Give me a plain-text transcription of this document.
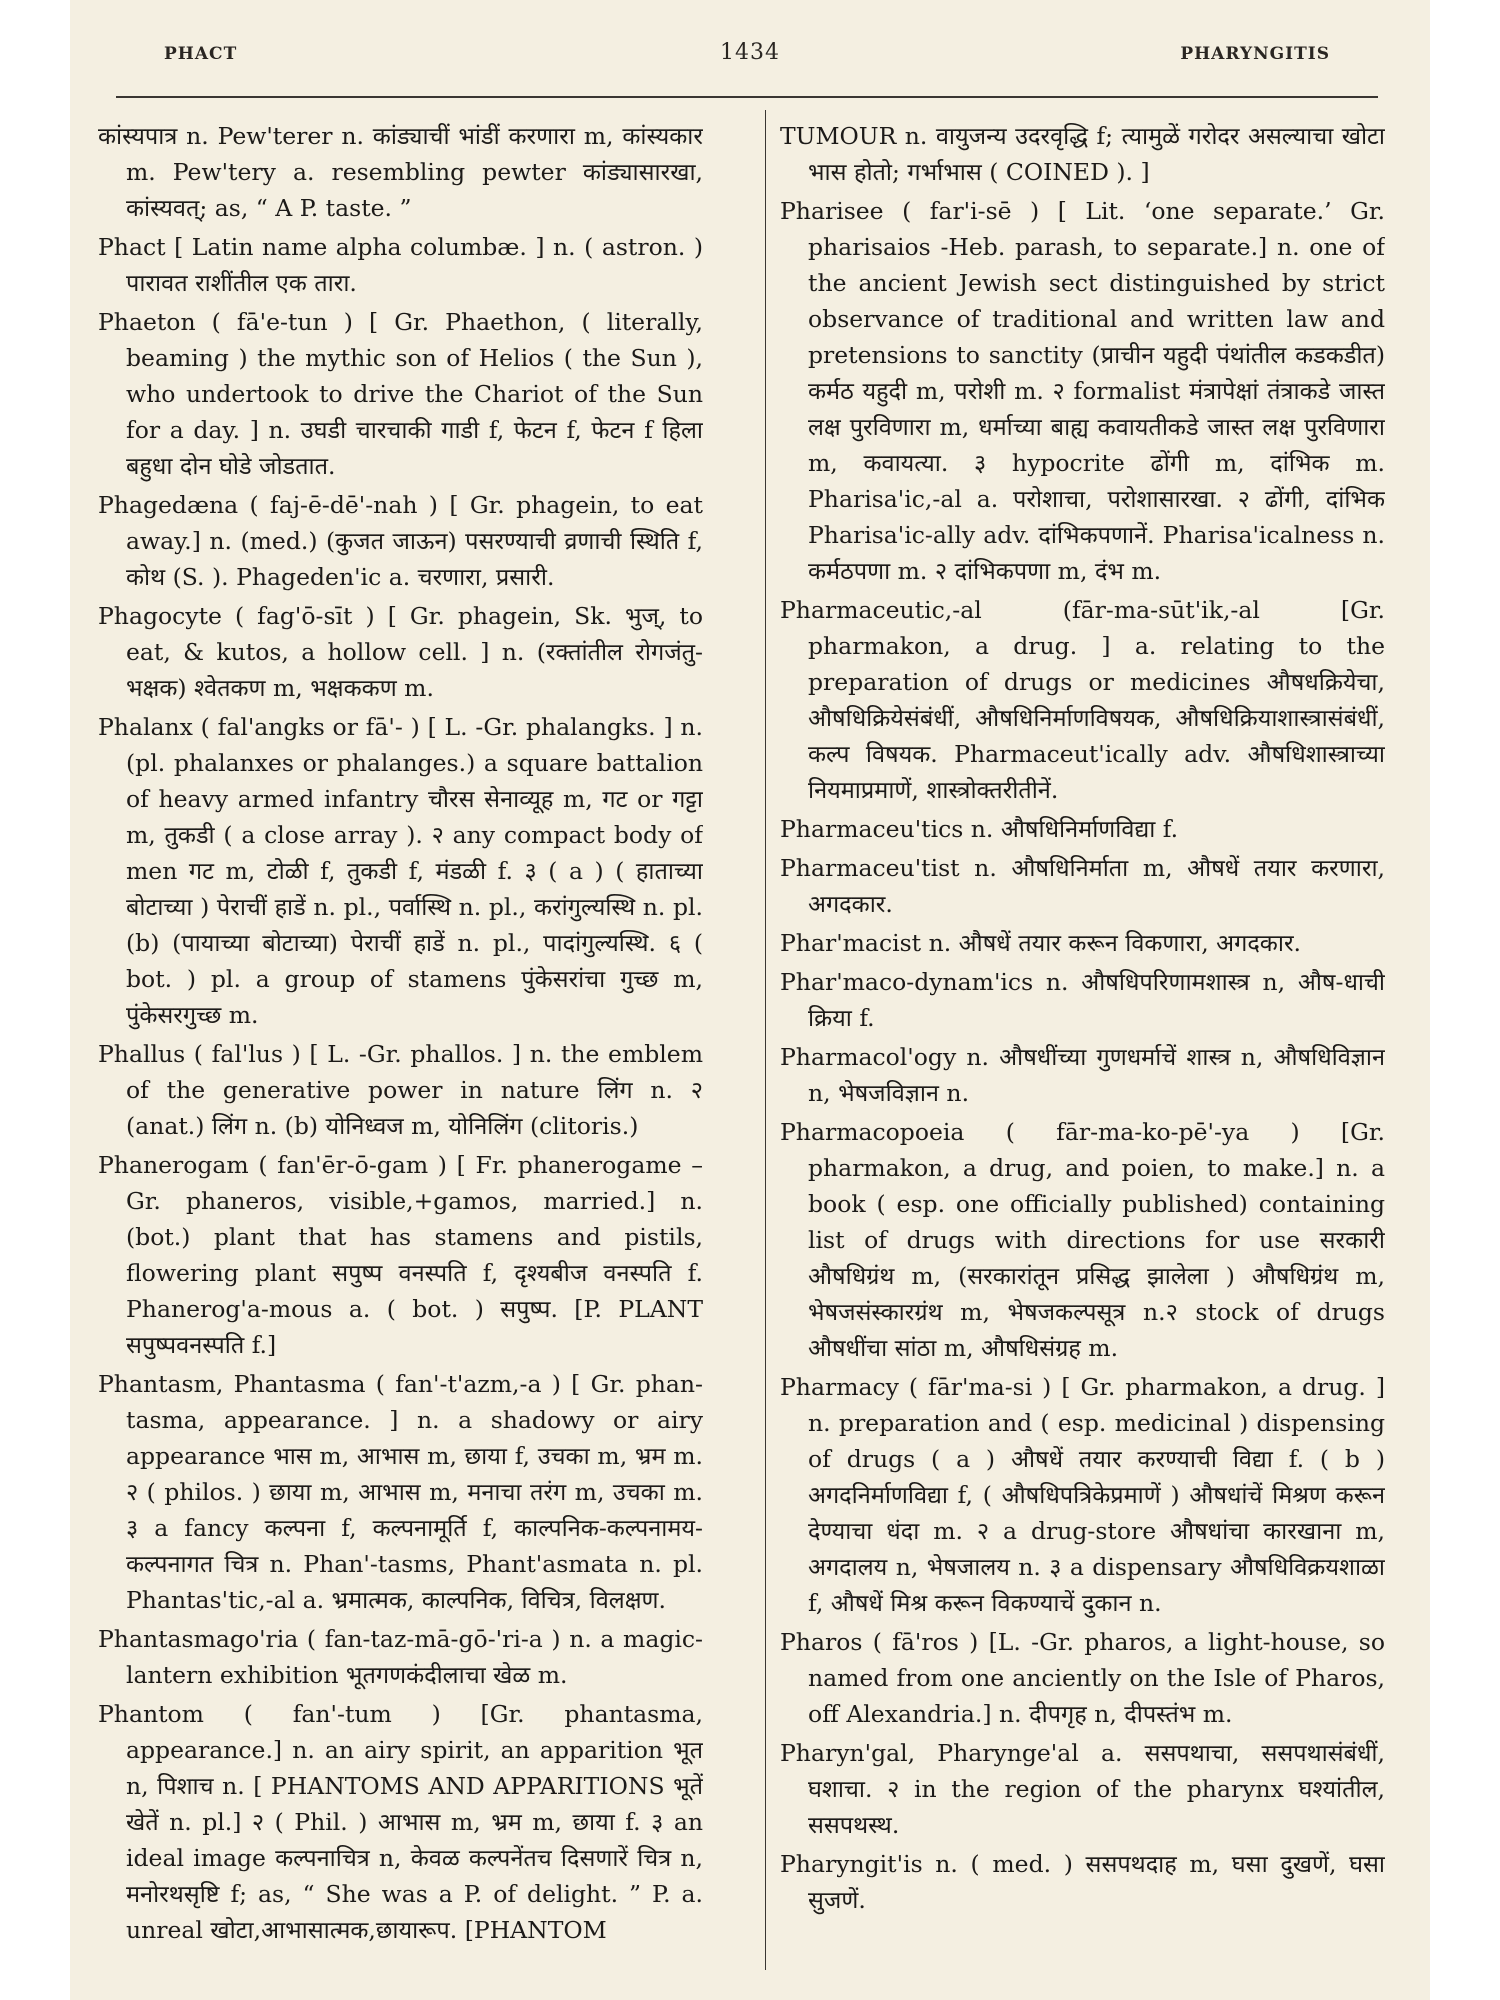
1434
PHACT	PHARYNGITIS

कांस्यपात्र n. Pew'terer n. कांड्याचीं भांडीं करणारा m, कांस्यकार m. Pew'tery a. resembling pewter कांड्यासारखा, कांस्यवत्; as, “ A P. taste. ”

Phact [ Latin name alpha columbæ. ] n. ( astron. ) पारावत राशींतील एक तारा.

Phaeton ( fā'e-tun ) [ Gr. Phaethon, ( literally, beaming ) the mythic son of Helios ( the Sun ), who undertook to drive the Chariot of the Sun for a day. ] n. उघडी चारचाकी गाडी f, फेटन f, फेटन f हिला बहुधा दोन घोडे जोडतात.

Phagedæna ( faj-ē-dē'-nah ) [ Gr. phagein, to eat away.] n. (med.) (कुजत जाऊन) पसरण्याची व्रणाची स्थिति f, कोथ (S. ). Phageden'ic a. चरणारा, प्रसारी.

Phagocyte ( fag'ō-sīt ) [ Gr. phagein, Sk. भुज्, to eat, & kutos, a hollow cell. ] n. (रक्तांतील रोगजंतु-भक्षक) श्वेतकण m, भक्षककण m.

Phalanx ( fal'angks or fā'- ) [ L. -Gr. phalangks. ] n. (pl. phalanxes or phalanges.) a square battalion of heavy armed infantry चौरस सेनाव्यूह m, गट or गट्टा m, तुकडी ( a close array ). २ any compact body of men गट m, टोळी f, तुकडी f, मंडळी f. ३ ( a ) ( हाताच्या बोटाच्या ) पेराचीं हाडें n. pl., पर्वास्थि n. pl., करांगुल्यस्थि n. pl. (b) (पायाच्या बोटाच्या) पेराचीं हाडें n. pl., पादांगुल्यस्थि. ६ ( bot. ) pl. a group of stamens पुंकेसरांचा गुच्छ m, पुंकेसरगुच्छ m.

Phallus ( fal'lus ) [ L. -Gr. phallos. ] n. the emblem of the generative power in nature लिंग n. २ (anat.) लिंग n. (b) योनिध्वज m, योनिलिंग (clitoris.)

Phanerogam ( fan'ēr-ō-gam ) [ Fr. phanerogame –Gr. phaneros, visible,+gamos, married.] n. (bot.) plant that has stamens and pistils, flowering plant सपुष्प वनस्पति f, दृश्यबीज वनस्पति f. Phanerog'a-mous a. ( bot. ) सपुष्प. [P. PLANT सपुष्पवनस्पति f.]

Phantasm, Phantasma ( fan'-t'azm,-a ) [ Gr. phan-tasma, appearance. ] n. a shadowy or airy appearance भास m, आभास m, छाया f, उचका m, भ्रम m. २ ( philos. ) छाया m, आभास m, मनाचा तरंग m, उचका m. ३ a fancy कल्पना f, कल्पनामूर्ति f, काल्पनिक-कल्पनामय-कल्पनागत चित्र n. Phan'-tasms, Phant'asmata n. pl. Phantas'tic,-al a. भ्रमात्मक, काल्पनिक, विचित्र, विलक्षण.

Phantasmago'ria ( fan-taz-mā-gō-'ri-a ) n. a magic-lantern exhibition भूतगणकंदीलाचा खेळ m.

Phantom ( fan'-tum ) [Gr. phantasma, appearance.] n. an airy spirit, an apparition भूत n, पिशाच n. [ PHANTOMS AND APPARITIONS भूतें खेतें n. pl.] २ ( Phil. ) आभास m, भ्रम m, छाया f. ३ an ideal image कल्पनाचित्र n, केवळ कल्पनेंतच दिसणारें चित्र n, मनोरथसृष्टि f; as, “ She was a P. of delight. ” P. a. unreal खोटा,आभासात्मक,छायारूप. [PHANTOM

TUMOUR n. वायुजन्य उदरवृद्धि f; त्यामुळें गरोदर असल्याचा खोटा भास होतो; गर्भाभास ( COINED ). ]

Pharisee ( far'i-sē ) [ Lit. ‘one separate.’ Gr. pharisaios -Heb. parash, to separate.] n. one of the ancient Jewish sect distinguished by strict observance of traditional and written law and pretensions to sanctity (प्राचीन यहुदी पंथांतील कडकडीत) कर्मठ यहुदी m, परोशी m. २ formalist मंत्रापेक्षां तंत्राकडे जास्त लक्ष पुरविणारा m, धर्माच्या बाह्य कवायतीकडे जास्त लक्ष पुरविणारा m, कवायत्या. ३ hypocrite ढोंगी m, दांभिक m. Pharisa'ic,-al a. परोशाचा, परोशासारखा. २ ढोंगी, दांभिक Pharisa'ic-ally adv. दांभिकपणानें. Pharisa'icalness n. कर्मठपणा m. २ दांभिकपणा m, दंभ m.

Pharmaceutic,-al (fār-ma-sūt'ik,-al [Gr. pharmakon, a drug. ] a. relating to the preparation of drugs or medicines औषधक्रियेचा, औषधिक्रियेसंबंधीं, औषधिनिर्माणविषयक, औषधिक्रियाशास्त्रासंबंधीं, कल्प विषयक. Pharmaceut'ically adv. औषधिशास्त्राच्या नियमाप्रमाणें, शास्त्रोक्तरीतीनें.

Pharmaceu'tics n. औषधिनिर्माणविद्या f.

Pharmaceu'tist n. औषधिनिर्माता m, औषधें तयार करणारा, अगदकार.

Phar'macist n. औषधें तयार करून विकणारा, अगदकार.

Phar'maco-dynam'ics n. औषधिपरिणामशास्त्र n, औष-धाची क्रिया f.

Pharmacol'ogy n. औषधींच्या गुणधर्माचें शास्त्र n, औषधिविज्ञान n, भेषजविज्ञान n.

Pharmacopoeia ( fār-ma-ko-pē'-ya ) [Gr. pharmakon, a drug, and poien, to make.] n. a book ( esp. one officially published) containing list of drugs with directions for use सरकारी औषधिग्रंथ m, (सरकारांतून प्रसिद्ध झालेला ) औषधिग्रंथ m, भेषजसंस्कारग्रंथ m, भेषजकल्पसूत्र n.२ stock of drugs औषधींचा सांठा m, औषधिसंग्रह m.

Pharmacy ( fār'ma-si ) [ Gr. pharmakon, a drug. ] n. preparation and ( esp. medicinal ) dispensing of drugs ( a ) औषधें तयार करण्याची विद्या f. ( b ) अगदनिर्माणविद्या f, ( औषधिपत्रिकेप्रमाणें ) औषधांचें मिश्रण करून देण्याचा धंदा m. २ a drug-store औषधांचा कारखाना m, अगदालय n, भेषजालय n. ३ a dispensary औषधिविक्रयशाळा f, औषधें मिश्र करून विकण्याचें दुकान n.

Pharos ( fā'ros ) [L. -Gr. pharos, a light-house, so named from one anciently on the Isle of Pharos, off Alexandria.] n. दीपगृह n, दीपस्तंभ m.

Pharyn'gal, Pharynge'al a. ससपथाचा, ससपथासंबंधीं, घशाचा. २ in the region of the pharynx घश्यांतील, ससपथस्थ.

Pharyngit'is n. ( med. ) ससपथदाह m, घसा दुखणें, घसा सुजणें.
